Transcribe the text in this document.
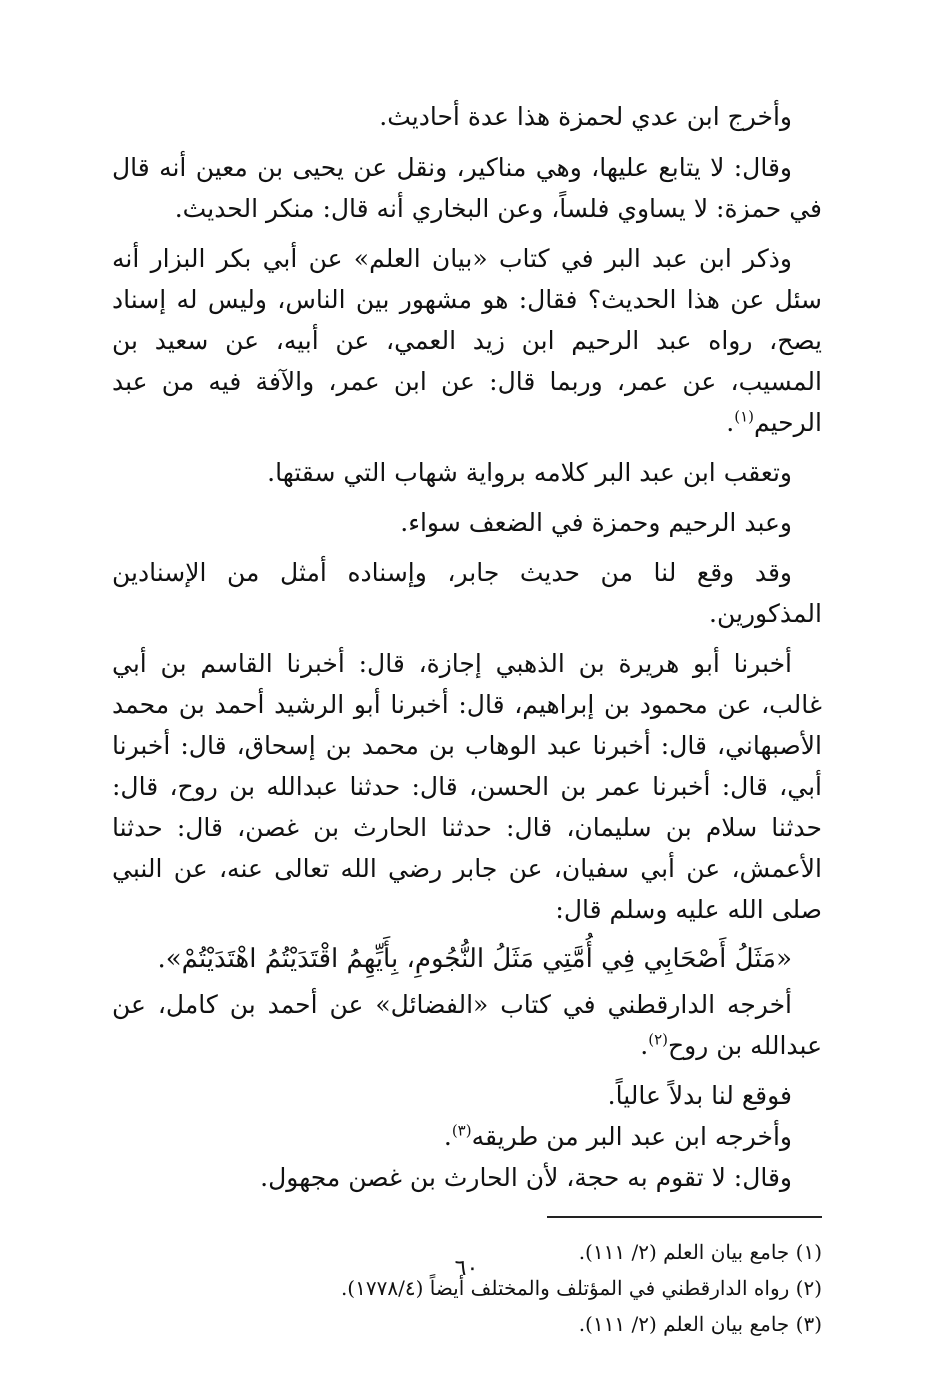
وأخرج ابن عدي لحمزة هذا عدة أحاديث.

وقال: لا يتابع عليها، وهي مناكير، ونقل عن يحيى بن معين أنه قال في حمزة: لا يساوي فلساً، وعن البخاري أنه قال: منكر الحديث.

وذكر ابن عبد البر في كتاب «بيان العلم» عن أبي بكر البزار أنه سئل عن هذا الحديث؟ فقال: هو مشهور بين الناس، وليس له إسناد يصح، رواه عبد الرحيم ابن زيد العمي، عن أبيه، عن سعيد بن المسيب، عن عمر، وربما قال: عن ابن عمر، والآفة فيه من عبد الرحيم$^{(١)}$.

وتعقب ابن عبد البر كلامه برواية شهاب التي سقتها.

وعبد الرحيم وحمزة في الضعف سواء.

وقد وقع لنا من حديث جابر، وإسناده أمثل من الإسنادين المذكورين.

أخبرنا أبو هريرة بن الذهبي إجازة، قال: أخبرنا القاسم بن أبي غالب، عن محمود بن إبراهيم، قال: أخبرنا أبو الرشيد أحمد بن محمد الأصبهاني، قال: أخبرنا عبد الوهاب بن محمد بن إسحاق، قال: أخبرنا أبي، قال: أخبرنا عمر بن الحسن، قال: حدثنا عبدالله بن روح، قال: حدثنا سلام بن سليمان، قال: حدثنا الحارث بن غصن، قال: حدثنا الأعمش، عن أبي سفيان، عن جابر رضي الله تعالى عنه، عن النبي صلى الله عليه وسلم قال:

«مَثَلُ أَصْحَابِي فِي أُمَّتِي مَثَلُ النُّجُومِ، بِأَيِّهِمُ اقْتَدَيْتُمُ اهْتَدَيْتُمْ».

أخرجه الدارقطني في كتاب «الفضائل» عن أحمد بن كامل، عن عبدالله بن روح$^{(٢)}$.

فوقع لنا بدلاً عالياً.

وأخرجه ابن عبد البر من طريقه$^{(٣)}$.

وقال: لا تقوم به حجة، لأن الحارث بن غصن مجهول.

(١) جامع بيان العلم (٢/ ١١١).

(٢) رواه الدارقطني في المؤتلف والمختلف أيضاً (١٧٧٨/٤).

(٣) جامع بيان العلم (٢/ ١١١).

٦٠
